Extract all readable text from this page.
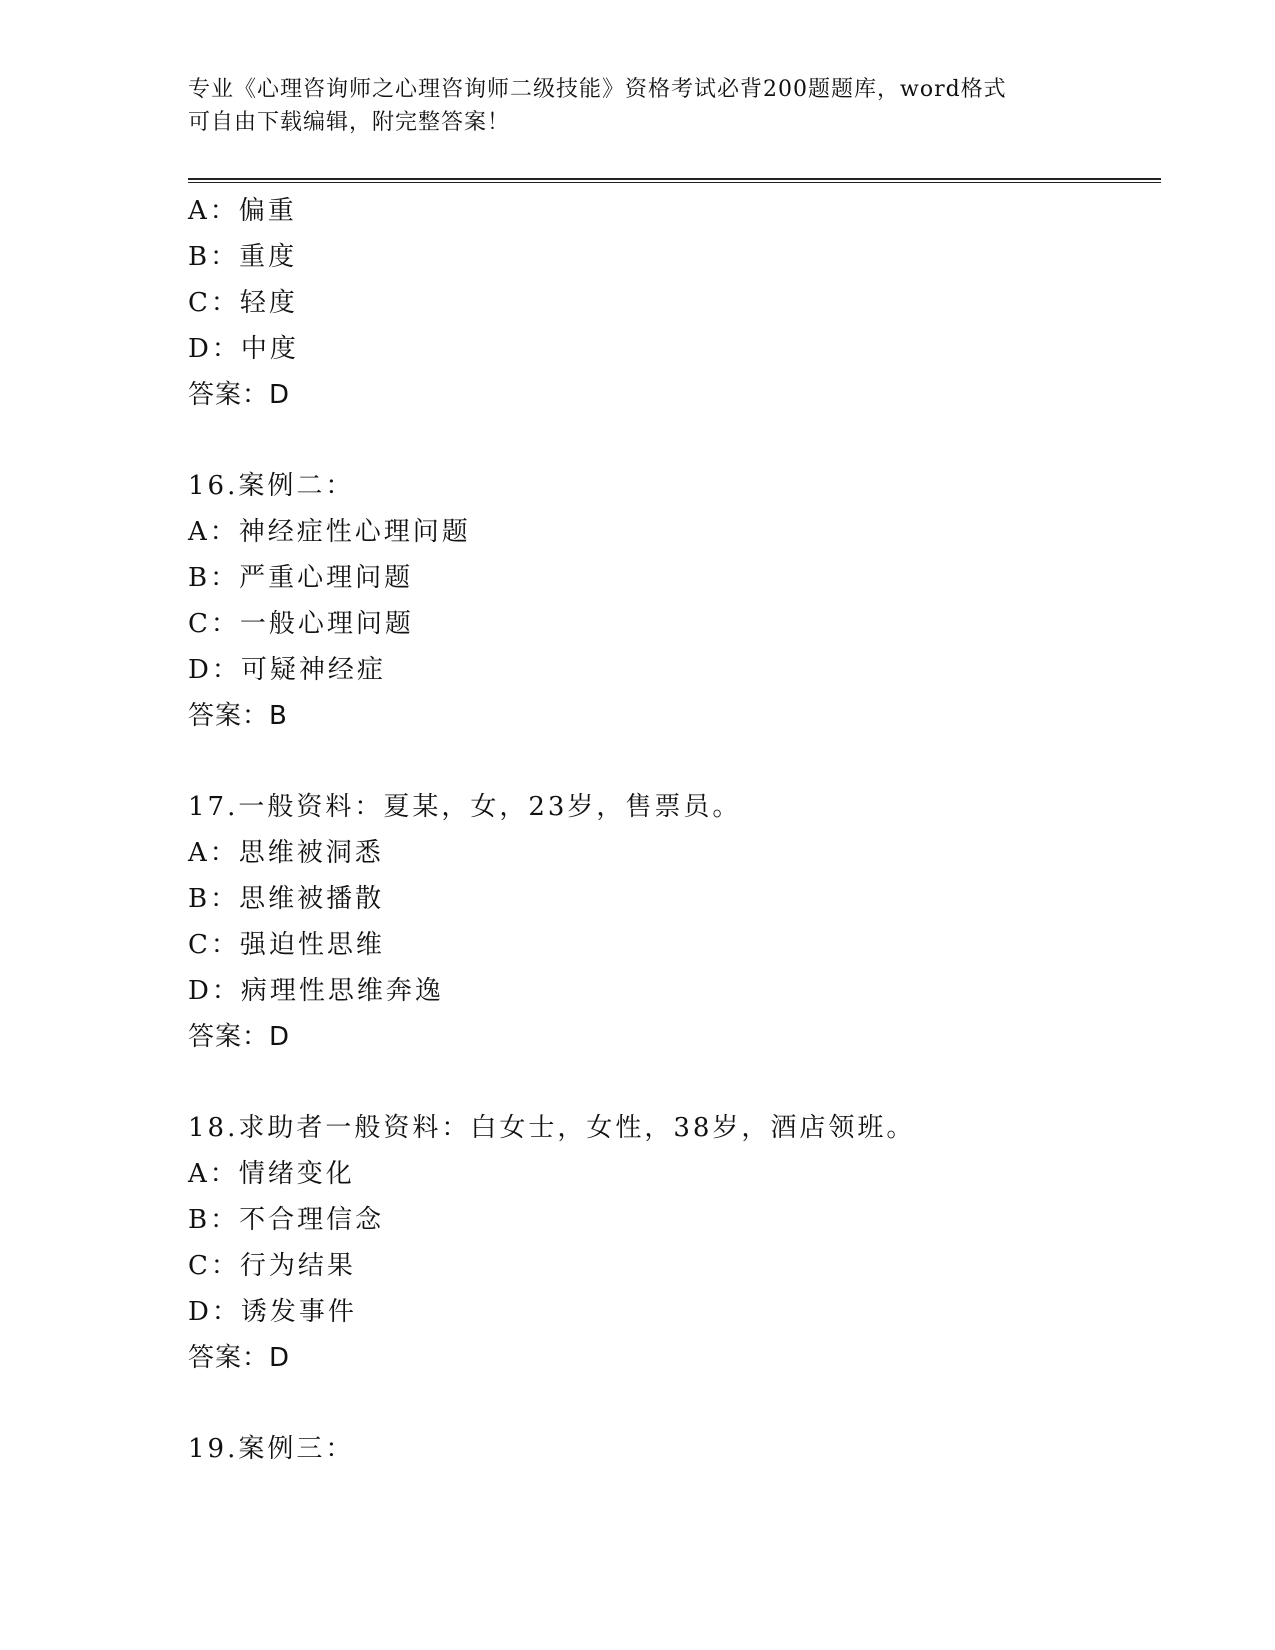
专业《心理咨询师之心理咨询师二级技能》资格考试必背200题题库，word格式
可自由下载编辑，附完整答案！
A：偏重
B：重度
C：轻度
D：中度
答案：D
16.案例二：
A：神经症性心理问题
B：严重心理问题
C：一般心理问题
D：可疑神经症
答案：B
17.一般资料：夏某，女，23岁，售票员。
A：思维被洞悉
B：思维被播散
C：强迫性思维
D：病理性思维奔逸
答案：D
18.求助者一般资料：白女士，女性，38岁，酒店领班。
A：情绪变化
B：不合理信念
C：行为结果
D：诱发事件
答案：D
19.案例三：
